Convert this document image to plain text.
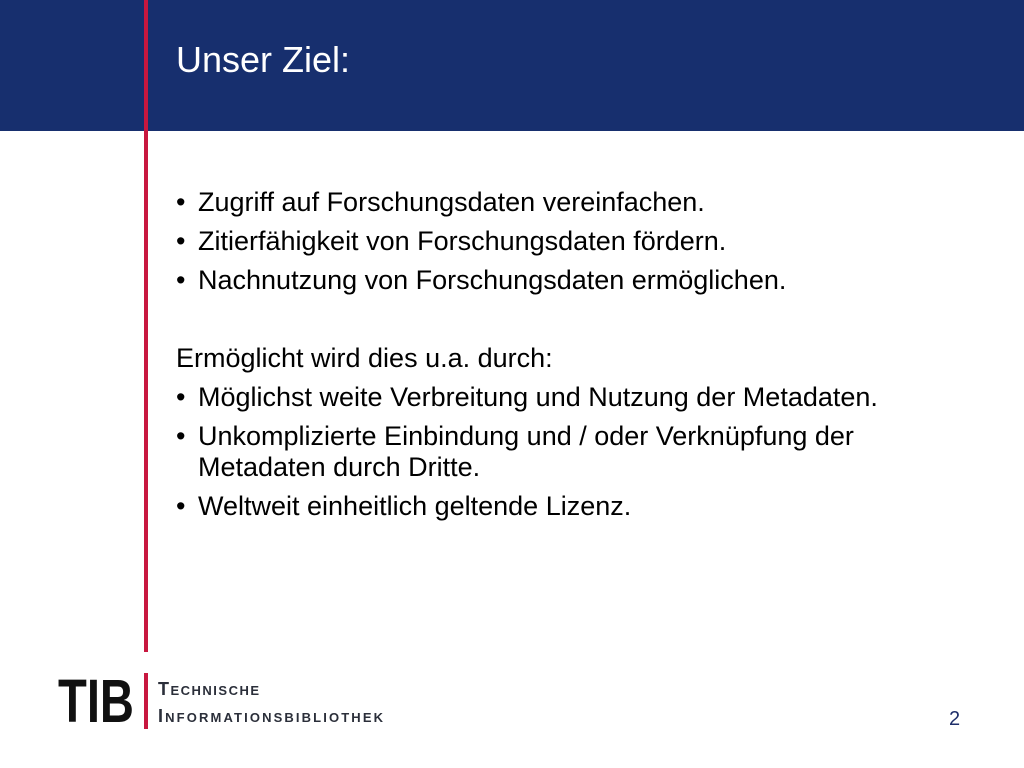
Unser Ziel:
• Zugriff auf Forschungsdaten vereinfachen.
• Zitierfähigkeit von Forschungsdaten fördern.
• Nachnutzung von Forschungsdaten ermöglichen.

Ermöglicht wird dies u.a. durch:

• Möglichst weite Verbreitung und Nutzung der Metadaten.
• Unkomplizierte Einbindung und / oder Verknüpfung der Metadaten durch Dritte.
• Weltweit einheitlich geltende Lizenz.
TIB Technische
Informationsbibliothek	2
